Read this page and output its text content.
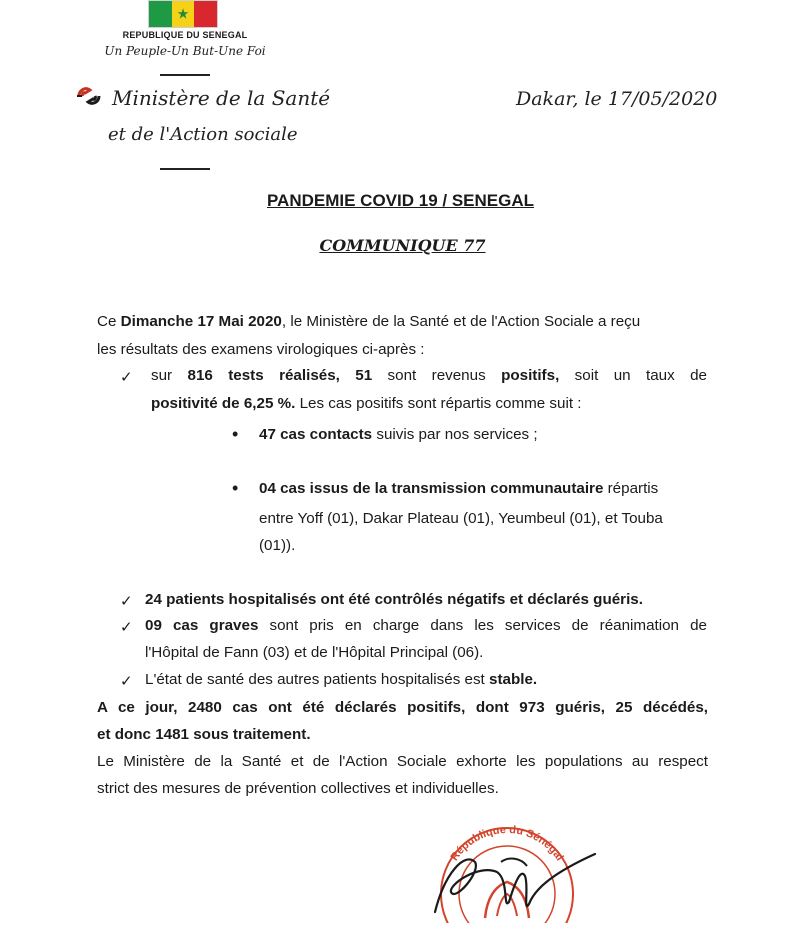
★
REPUBLIQUE DU SENEGAL
Un Peuple-Un But-Une Foi
Ministère de la Santé
et de l'Action sociale
Dakar, le 17/05/2020
PANDEMIE COVID 19 / SENEGAL
COMMUNIQUE 77
Ce Dimanche 17 Mai 2020, le Ministère de la Santé et de l'Action Sociale a reçu
les résultats des examens virologiques ci-après :
✓ sur 816 tests réalisés, 51 sont revenus positifs, soit un taux de
positivité de 6,25 %. Les cas positifs sont répartis comme suit :
• 47 cas contacts suivis par nos services ;
• 04 cas issus de la transmission communautaire répartis
entre Yoff (01), Dakar Plateau (01), Yeumbeul (01), et Touba
(01)).
✓ 24 patients hospitalisés ont été contrôlés négatifs et déclarés guéris.
✓ 09 cas graves sont pris en charge dans les services de réanimation de
l'Hôpital de Fann (03) et de l'Hôpital Principal (06).
✓ L'état de santé des autres patients hospitalisés est stable.
A ce jour, 2480 cas ont été déclarés positifs, dont 973 guéris, 25 décédés,
et donc 1481 sous traitement.
Le Ministère de la Santé et de l'Action Sociale exhorte les populations au respect
strict des mesures de prévention collectives et individuelles.
République du Sénégal
